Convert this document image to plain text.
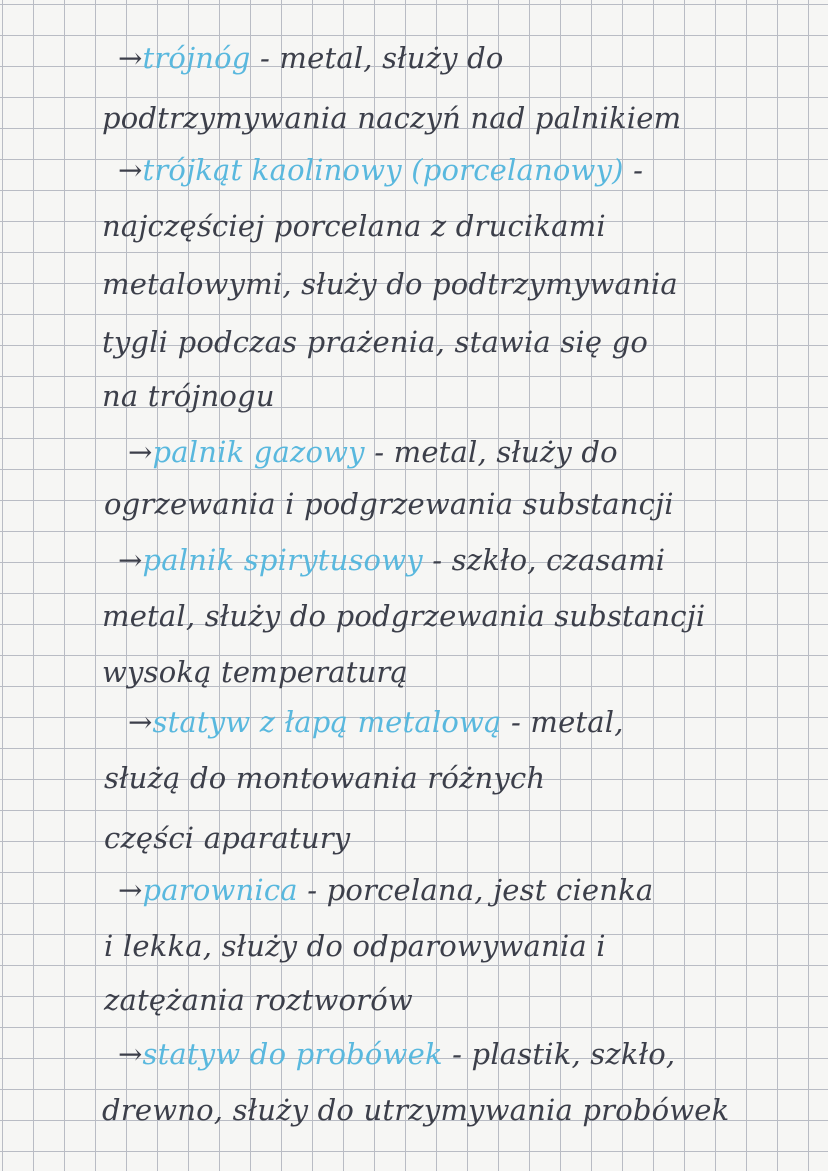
→trójnóg - metal, służy do
podtrzymywania naczyń nad palnikiem
→trójkąt kaolinowy (porcelanowy) -
najczęściej porcelana z drucikami
metalowymi, służy do podtrzymywania
tygli podczas prażenia, stawia się go
na trójnogu
→palnik gazowy - metal, służy do
ogrzewania i podgrzewania substancji
→palnik spirytusowy - szkło, czasami
metal, służy do podgrzewania substancji
wysoką temperaturą
→statyw z łapą metalową - metal,
służą do montowania różnych
części aparatury
→parownica - porcelana, jest cienka
i lekka, służy do odparowywania i
zatężania roztworów
→statyw do probówek - plastik, szkło,
drewno, służy do utrzymywania probówek
